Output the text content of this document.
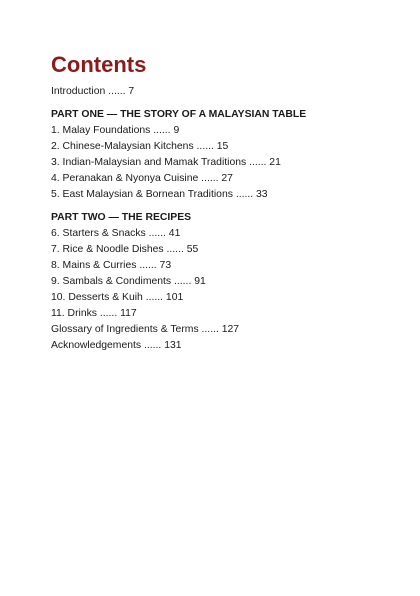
Contents
Introduction ...... 7
PART ONE — THE STORY OF A MALAYSIAN TABLE
1. Malay Foundations ...... 9
2. Chinese-Malaysian Kitchens ...... 15
3. Indian-Malaysian and Mamak Traditions ...... 21
4. Peranakan & Nyonya Cuisine ...... 27
5. East Malaysian & Bornean Traditions ...... 33
PART TWO — THE RECIPES
6. Starters & Snacks ...... 41
7. Rice & Noodle Dishes ...... 55
8. Mains & Curries ...... 73
9. Sambals & Condiments ...... 91
10. Desserts & Kuih ...... 101
11. Drinks ...... 117
Glossary of Ingredients & Terms ...... 127
Acknowledgements ...... 131
